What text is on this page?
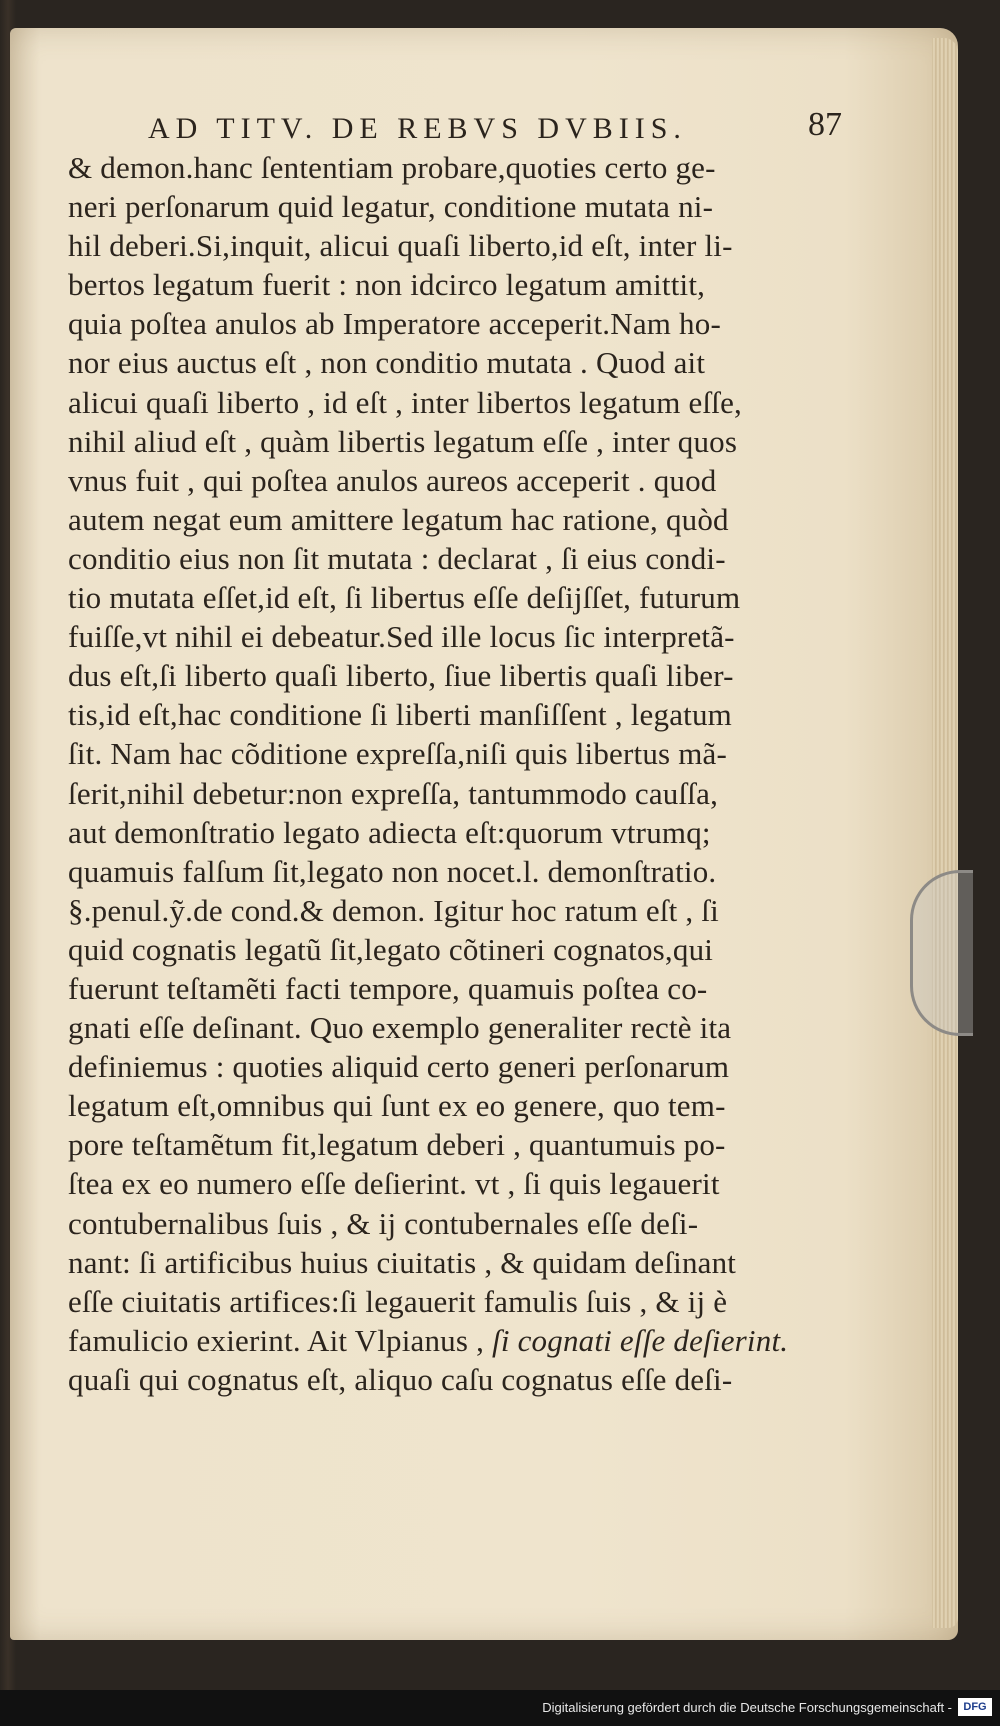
AD TITV. DE REBVS DVBIIS.	87
& demon.hanc ſententiam probare,quoties certo ge-
neri perſonarum quid legatur, conditione mutata ni-
hil deberi.Si,inquit, alicui quaſi liberto,id eſt, inter li-
bertos legatum fuerit : non idcirco legatum amittit,
quia poſtea anulos ab Imperatore acceperit.Nam ho-
nor eius auctus eſt , non conditio mutata . Quod ait
alicui quaſi liberto , id eſt , inter libertos legatum eſſe,
nihil aliud eſt , quàm libertis legatum eſſe , inter quos
vnus fuit , qui poſtea anulos aureos acceperit . quod
autem negat eum amittere legatum hac ratione, quòd
conditio eius non ſit mutata : declarat , ſi eius condi-
tio mutata eſſet,id eſt, ſi libertus eſſe deſijſſet, futurum
fuiſſe,vt nihil ei debeatur.Sed ille locus ſic interpretã-
dus eſt,ſi liberto quaſi liberto, ſiue libertis quaſi liber-
tis,id eſt,hac conditione ſi liberti manſiſſent , legatum
ſit. Nam hac cõditione expreſſa,niſi quis libertus mã-
ſerit,nihil debetur:non expreſſa, tantummodo cauſſa,
aut demonſtratio legato adiecta eſt:quorum vtrumq;
quamuis falſum ſit,legato non nocet.l. demonſtratio.
§.penul.ỹ.de cond.& demon. Igitur hoc ratum eſt , ſi
quid cognatis legatũ ſit,legato cõtineri cognatos,qui
fuerunt teſtamẽti facti tempore, quamuis poſtea co-
gnati eſſe deſinant. Quo exemplo generaliter rectè ita
definiemus : quoties aliquid certo generi perſonarum
legatum eſt,omnibus qui ſunt ex eo genere, quo tem-
pore teſtamẽtum fit,legatum deberi , quantumuis po-
ſtea ex eo numero eſſe deſierint. vt , ſi quis legauerit
contubernalibus ſuis , & ij contubernales eſſe deſi-
nant: ſi artificibus huius ciuitatis , & quidam deſinant
eſſe ciuitatis artifices:ſi legauerit famulis ſuis , & ij è
famulicio exierint. Ait Vlpianus , ſi cognati eſſe deſierint.
quaſi qui cognatus eſt, aliquo caſu cognatus eſſe deſi-
Digitalisierung gefördert durch die Deutsche Forschungsgemeinschaft -	DFG
